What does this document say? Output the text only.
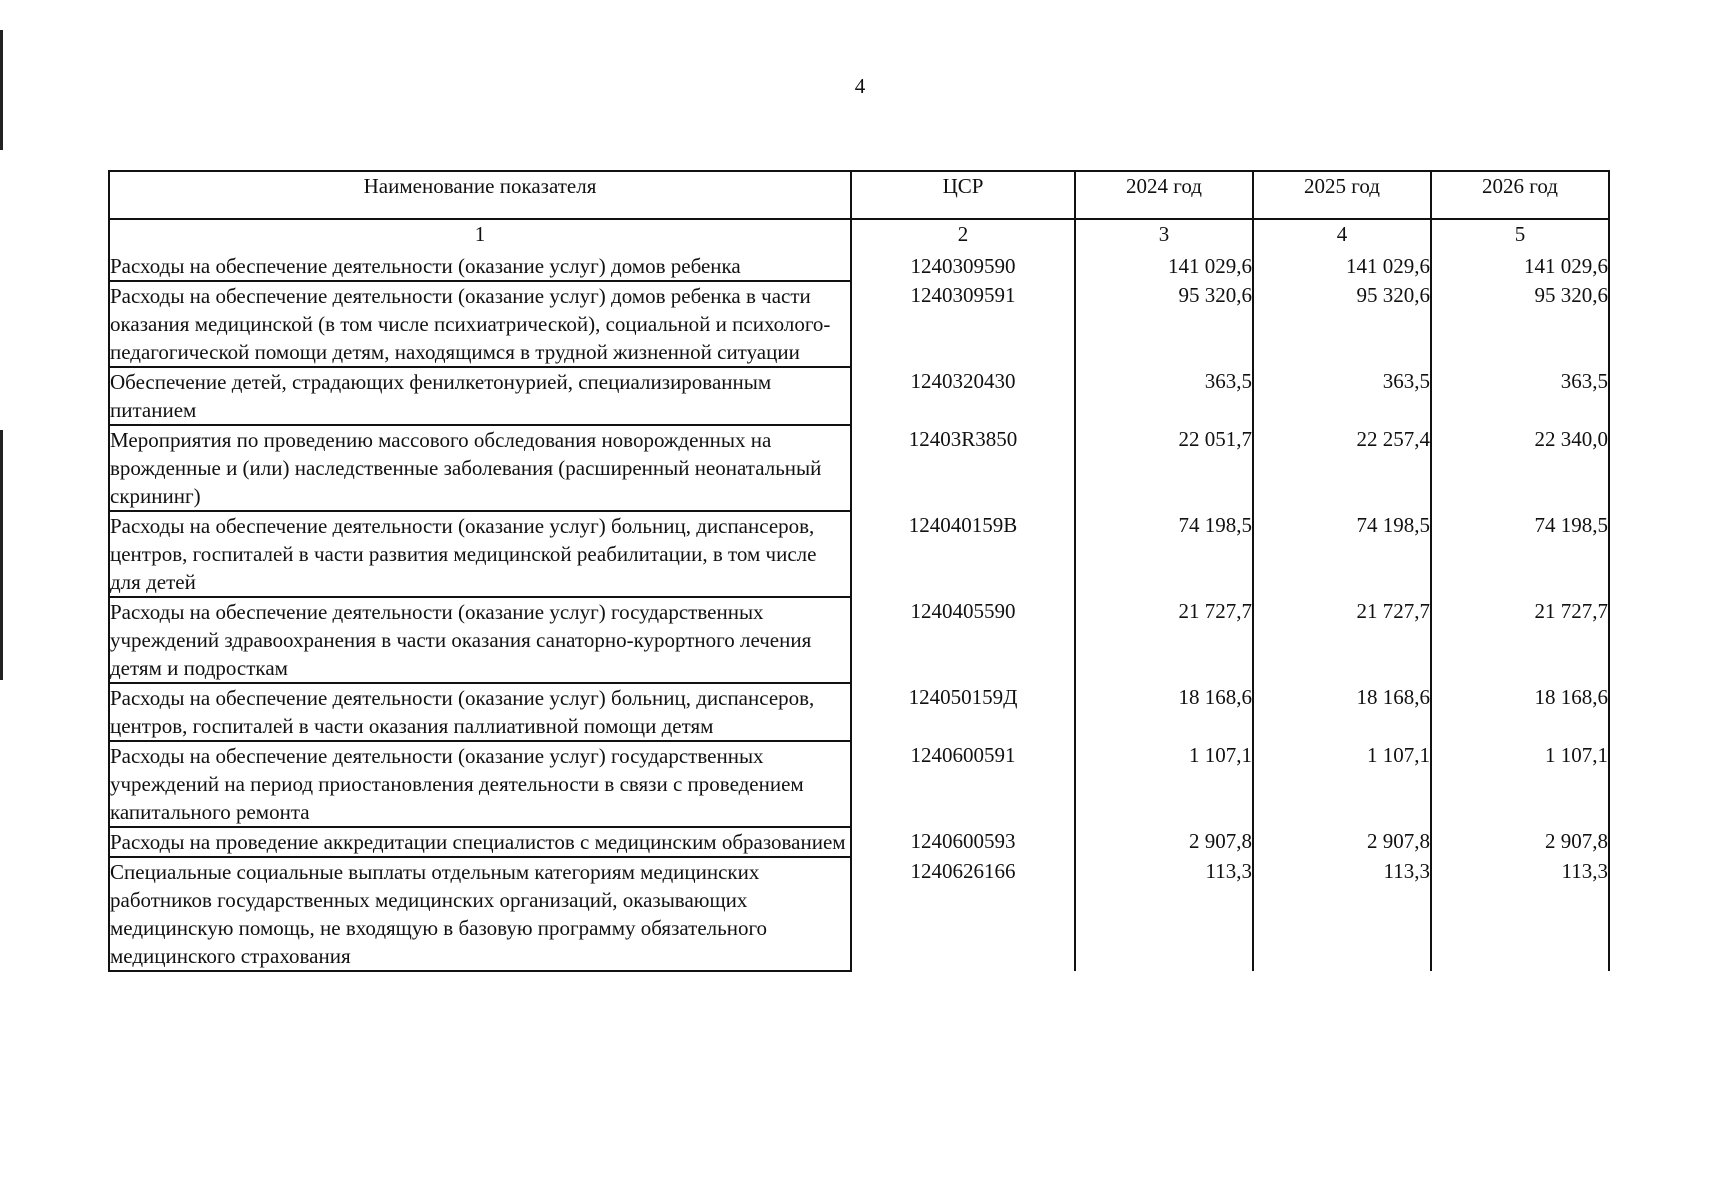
4
Наименование показателя	ЦСР	2024 год	2025 год	2026 год
1	2	3	4	5
Расходы на обеспечение деятельности (оказание услуг) домов ребенка	1240309590	141 029,6	141 029,6	141 029,6
Расходы на обеспечение деятельности (оказание услуг) домов ребенка в части оказания медицинской (в том числе психиатрической), социальной и психолого-педагогической помощи детям, находящимся в трудной жизненной ситуации	1240309591	95 320,6	95 320,6	95 320,6
Обеспечение детей, страдающих фенилкетонурией, специализированным питанием	1240320430	363,5	363,5	363,5
Мероприятия по проведению массового обследования новорожденных на врожденные и (или) наследственные заболевания (расширенный неонатальный скрининг)	12403R3850	22 051,7	22 257,4	22 340,0
Расходы на обеспечение деятельности (оказание услуг) больниц, диспансеров, центров, госпиталей в части развития медицинской реабилитации, в том числе для детей	124040159В	74 198,5	74 198,5	74 198,5
Расходы на обеспечение деятельности (оказание услуг) государственных учреждений здравоохранения в части оказания санаторно-курортного лечения детям и подросткам	1240405590	21 727,7	21 727,7	21 727,7
Расходы на обеспечение деятельности (оказание услуг) больниц, диспансеров, центров, госпиталей в части оказания паллиативной помощи детям	124050159Д	18 168,6	18 168,6	18 168,6
Расходы на обеспечение деятельности (оказание услуг) государственных учреждений на период приостановления деятельности в связи с проведением капитального ремонта	1240600591	1 107,1	1 107,1	1 107,1
Расходы на проведение аккредитации специалистов с медицинским образованием	1240600593	2 907,8	2 907,8	2 907,8
Специальные социальные выплаты отдельным категориям медицинских работников государственных медицинских организаций, оказывающих медицинскую помощь, не входящую в базовую программу обязательного медицинского страхования	1240626166	113,3	113,3	113,3
